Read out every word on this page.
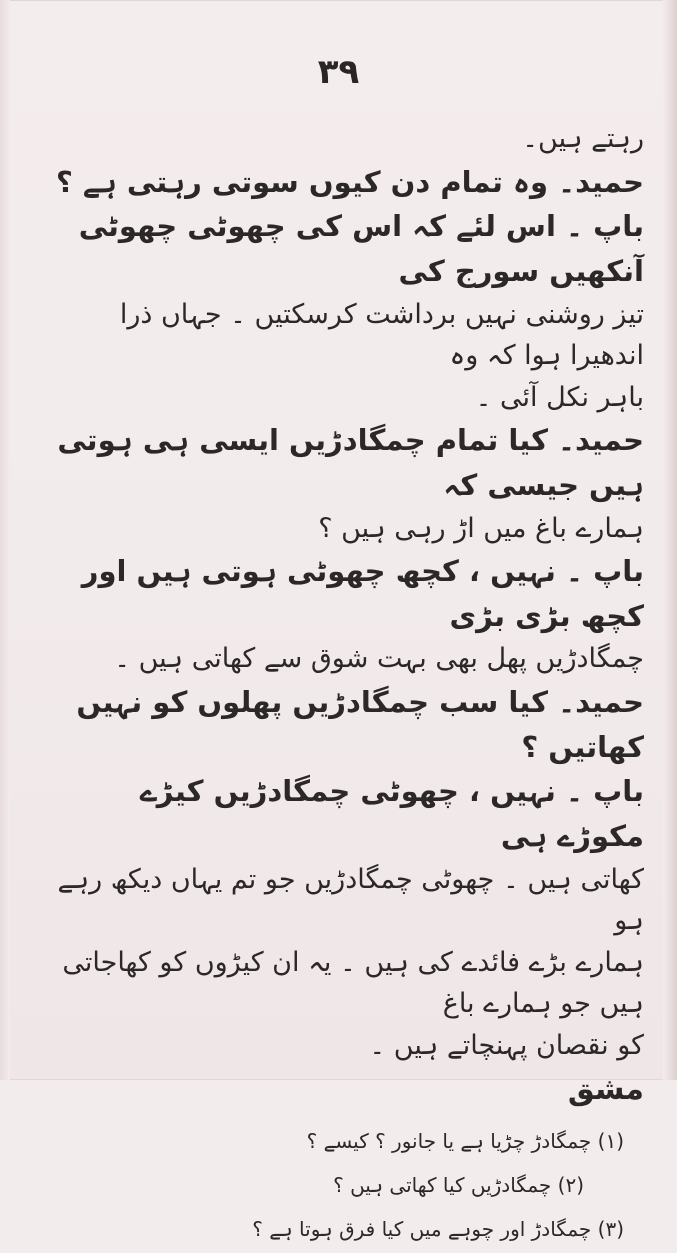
۳۹

رہتے ہیں۔

حمید۔ وہ تمام دن کیوں سوتی رہتی ہے ؟

باپ ۔ اس لئے کہ اس کی چھوٹی چھوٹی آنکھیں سورج کی

تیز روشنی نہیں برداشت کرسکتیں ۔ جہاں ذرا اندھیرا ہوا کہ وہ

باہر نکل آئی ۔

حمید۔ کیا تمام چمگادڑیں ایسی ہی ہوتی ہیں جیسی کہ

ہمارے باغ میں اڑ رہی ہیں ؟

باپ ۔ نہیں ، کچھ چھوٹی ہوتی ہیں اور کچھ بڑی بڑی

چمگادڑیں پھل بھی بہت شوق سے کھاتی ہیں ۔

حمید۔ کیا سب چمگادڑیں پھلوں کو نہیں کھاتیں ؟

باپ ۔ نہیں ، چھوٹی چمگادڑیں کیڑے مکوڑے ہی

کھاتی ہیں ۔ چھوٹی چمگادڑیں جو تم یہاں دیکھ رہے ہو

ہمارے بڑے فائدے کی ہیں ۔ یہ ان کیڑوں کو کھاجاتی ہیں جو ہمارے باغ

کو نقصان پہنچاتے ہیں ۔

مشق

(۱) چمگادڑ چڑیا ہے یا جانور ؟ کیسے ؟
(۲) چمگادڑیں کیا کھاتی ہیں ؟
(۳) چمگادڑ اور چوہے میں کیا فرق ہوتا ہے ؟
